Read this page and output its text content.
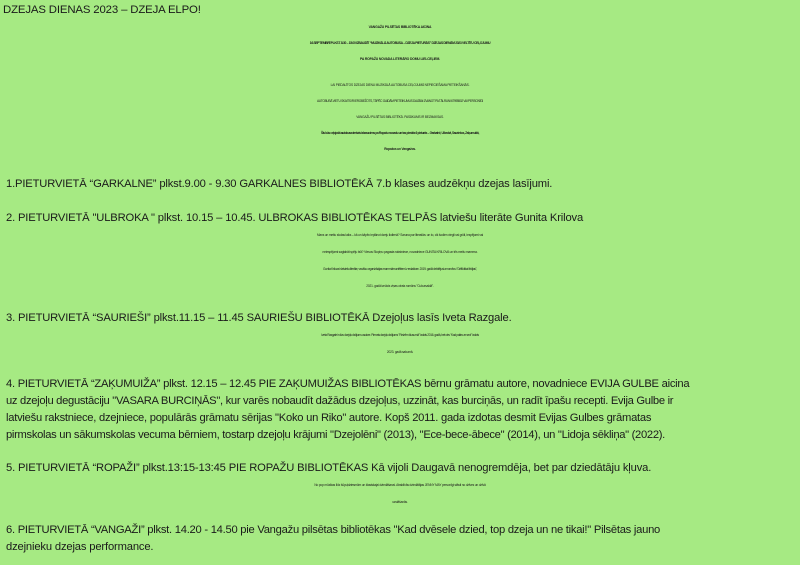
DZEJAS DIENAS 2023 – DZEJA ELPO!
VANGAŽU PILSĒTAS BIBLIOTĒKA AICINA
16.SEPTEMBRĪ PLKST. 8.30 – 15.00 IZBAUDĪT “MUZIKĀLĀ AUTOBUSA – DZEJA PIETURĀS” DZEJAS DIENĀM 2023 VELTĪTU CEĻOJUMU
PA ROPAŽU NOVADA LITERĀRO DOMU LIELCEĻIEM.
LAI PIEDALĪTOS DZEJAS DIENU MUZIKĀLĀ AUTOBUSA CEĻOJUMĀ NEPIECIEŠAMA PIETEIKŠANĀS.
AUTOBUSĀ VIETU SKAITS IR IEROBEŽOTS, TĀPĒC GAIDĀM PIETEIKUMUS DALĪBAI ZVANOT PA TĀLRUNI 67995502 VAI PERSONĪGI
VANGAŽU PILSĒTAS BIBLIOTĒKĀ. PASĀKUMS IR BEZMAKSAS.
Šis būs ceļojošā autobusa trešais izbrauciens pa Ropažu novadu un tas piestās 6 pieturās – Garkalnē, Ulbrokā, Sauriešos, Zaķumuižā,
Ropažos un Vangažos.
1.PIETURVIETĀ “GARKALNE” plkst.9.00 - 9.30 GARKALNES BIBLIOTĒKĀ 7.b klases audzēkņu dzejas lasījumi.
2. PIETURVIETĀ "ULBROKA " plkst. 10.15 – 10.45. ULBROKAS BIBLIOTĒKAS TELPĀS latviešu literāte Gunita Krilova
Mans un meitu skolas laiks – kā un kāpēc ieplānot dzeju ikdienā? Saruna par literatūru un to, cik šodien viegli vai grūti, iespējami vai
neiespējami saglabāt spēju būt? Viesos Stopiņu pagasta rakstniece, novadniece GUNITA KRILOVA un trīs meitu mamma.
Gunita Krilova ir latviešu literāte, vecāku organizācijas mammāmuntētiem.lv redaktore. 2019. gadā debitējusi ar romānu "Driftā tikai lēdijas",
2021. gadā iznācis viņas otrais romāns "Cukursaldā".
3. PIETURVIETĀ “SAURIEŠI” plkst.11.15 – 11.45 SAURIEŠU BIBLIOTĒKĀ Dzejoļus lasīs Iveta Razgale.
Iveta Razgale ir divu dzejoļu krājumu autore. Pirmais dzejoļu krājums "Reizēm klusumā" izdots 2016. gadā, bet otrs "Kad paliec ar sevi" izdots
2023. gadā sakumā.
4. PIETURVIETĀ “ZAĶUMUIŽA” plkst. 12.15 – 12.45 PIE ZAĶUMUIŽAS BIBLIOTĒKAS bērnu grāmatu autore, novadniece EVIJA GULBE aicina
uz dzejoļu degustāciju "VASARA BURCIŅĀS", kur varēs nobaudīt dažādus dzejoļus, uzzināt, kas burciņās, un radīt īpašu recepti. Evija Gulbe ir
latviešu rakstniece, dzejniece, populārās grāmatu sērijas "Koko un Riko" autore. Kopš 2011. gada izdotas desmit Evijas Gulbes grāmatas
pirmskolas un sākumskolas vecuma bērniem, tostarp dzejoļu krājumi "Dzejolēni" (2013), "Ece-bece-ābece" (2014), un "Lidoja sēkliņa" (2022).
5. PIETURVIETĀ “ROPAŽI” plkst.13:15-13:45 PIE ROPAŽU BIBLIOTĒKAS Kā vijoli Daugavā nenogremdēja, bet par dziedātāju kļuva.
No pop mūzikas līdz šūpuļdziesmām un klasiskajai dziedāšanai. Atraktīvās dziedātājas JENNY MAY personīgi stāsti no dzīves un dzīvā
uzstāšanās.
6. PIETURVIETĀ “VANGAŽI” plkst. 14.20 - 14.50 pie Vangažu pilsētas bibliotēkas "Kad dvēsele dzied, top dzeja un ne tikai!" Pilsētas jauno
dzejnieku dzejas performance.
